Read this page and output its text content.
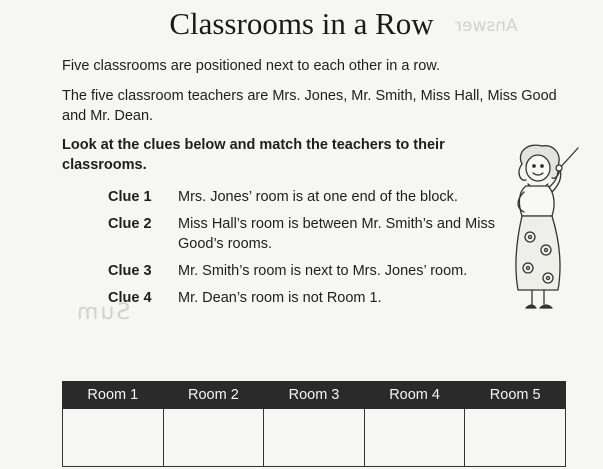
Answer
Sum
Classrooms in a Row
Five classrooms are positioned next to each other in a row.
The five classroom teachers are Mrs. Jones, Mr. Smith, Miss Hall, Miss Good and Mr. Dean.
Look at the clues below and match the teachers to their classrooms.
Clue 1	Mrs. Jones’ room is at one end of the block.
Clue 2	Miss Hall’s room is between Mr. Smith’s and Miss Good’s rooms.
Clue 3	Mr. Smith’s room is next to Mrs. Jones’ room.
Clue 4	Mr. Dean’s room is not Room 1.
Room 1	Room 2	Room 3	Room 4	Room 5
